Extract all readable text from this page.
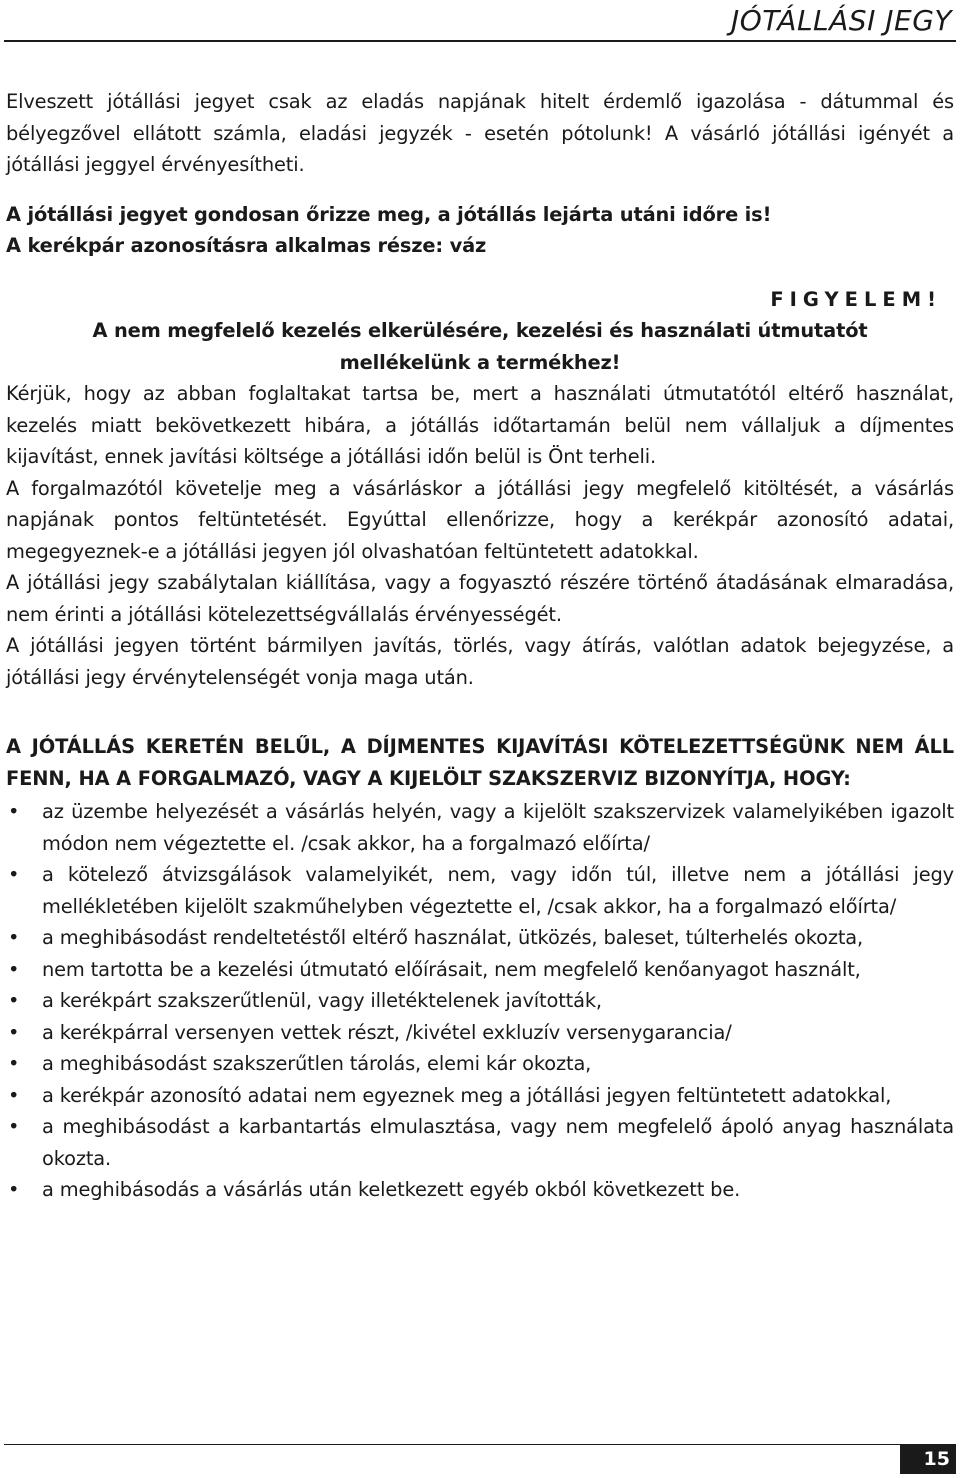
JÓTÁLLÁSI JEGY

Elveszett jótállási jegyet csak az eladás napjának hitelt érdemlő igazolása - dátummal és bélyegzővel ellátott számla, eladási jegyzék - esetén pótolunk! A vásárló jótállási igényét a jótállási jeggyel érvényesítheti.

A jótállási jegyet gondosan őrizze meg, a jótállás lejárta utáni időre is!

A kerékpár azonosításra alkalmas része: váz

FIGYELEM!

A nem megfelelő kezelés elkerülésére, kezelési és használati útmutatót mellékelünk a termékhez!

Kérjük, hogy az abban foglaltakat tartsa be, mert a használati útmutatótól eltérő használat, kezelés miatt bekövetkezett hibára, a jótállás időtartamán belül nem vállaljuk a díjmentes kijavítást, ennek javítási költsége a jótállási időn belül is Önt terheli.

A forgalmazótól követelje meg a vásárláskor a jótállási jegy megfelelő kitöltését, a vásárlás napjának pontos feltüntetését. Egyúttal ellenőrizze, hogy a kerékpár azonosító adatai, megegyeznek-e a jótállási jegyen jól olvashatóan feltüntetett adatokkal.

A jótállási jegy szabálytalan kiállítása, vagy a fogyasztó részére történő átadásának elmaradása, nem érinti a jótállási kötelezettségvállalás érvényességét.

A jótállási jegyen történt bármilyen javítás, törlés, vagy átírás, valótlan adatok bejegyzése, a jótállási jegy érvénytelenségét vonja maga után.

A JÓTÁLLÁS KERETÉN BELŰL, A DÍJMENTES KIJAVÍTÁSI KÖTELEZETTSÉGÜNK NEM ÁLL FENN, HA A FORGALMAZÓ, VAGY A KIJELÖLT SZAKSZERVIZ BIZONYÍTJA, HOGY:

• az üzembe helyezését a vásárlás helyén, vagy a kijelölt szakszervizek valamelyikében igazolt módon nem végeztette el. /csak akkor, ha a forgalmazó előírta/
• a kötelező átvizsgálások valamelyikét, nem, vagy időn túl, illetve nem a jótállási jegy mellékletében kijelölt szakműhelyben végeztette el, /csak akkor, ha a forgalmazó előírta/
• a meghibásodást rendeltetéstől eltérő használat, ütközés, baleset, túlterhelés okozta,
• nem tartotta be a kezelési útmutató előírásait, nem megfelelő kenőanyagot használt,
• a kerékpárt szakszerűtlenül, vagy illetéktelenek javították,
• a kerékpárral versenyen vettek részt, /kivétel exkluzív versenygarancia/
• a meghibásodást szakszerűtlen tárolás, elemi kár okozta,
• a kerékpár azonosító adatai nem egyeznek meg a jótállási jegyen feltüntetett adatokkal,
• a meghibásodást a karbantartás elmulasztása, vagy nem megfelelő ápoló anyag használata okozta.
• a meghibásodás a vásárlás után keletkezett egyéb okból következett be.
15
